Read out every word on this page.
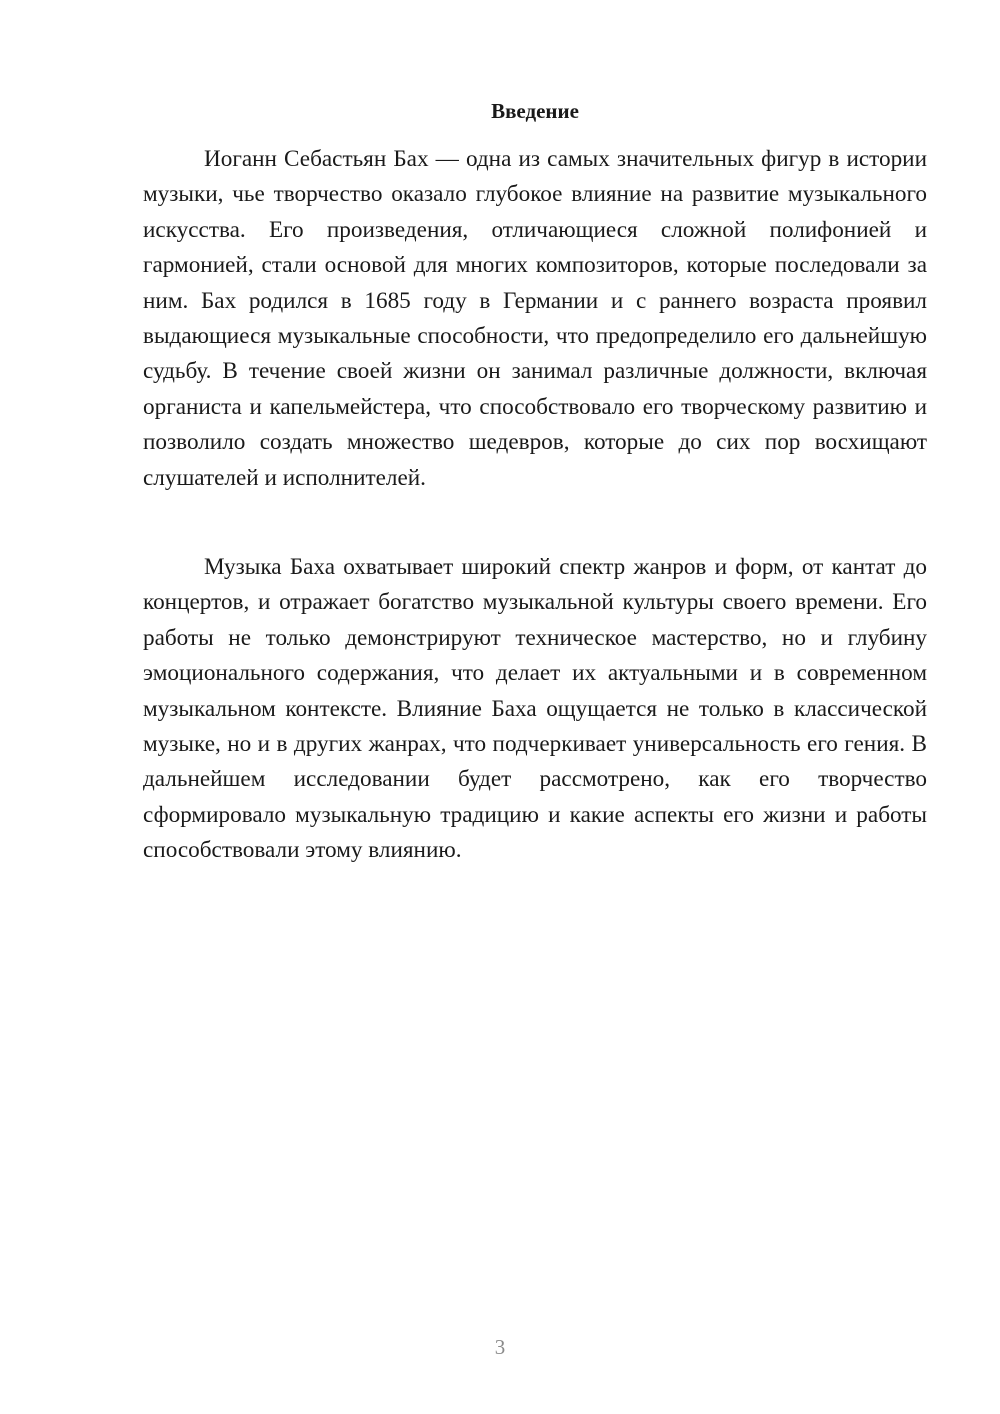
Введение

Иоганн Себастьян Бах — одна из самых значительных фигур в истории музыки, чье творчество оказало глубокое влияние на развитие музыкального искусства. Его произведения, отличающиеся сложной полифонией и гармонией, стали основой для многих композиторов, которые последовали за ним. Бах родился в 1685 году в Германии и с раннего возраста проявил выдающиеся музыкальные способности, что предопределило его дальнейшую судьбу. В течение своей жизни он занимал различные должности, включая органиста и капельмейстера, что способствовало его творческому развитию и позволило создать множество шедевров, которые до сих пор восхищают слушателей и исполнителей.

Музыка Баха охватывает широкий спектр жанров и форм, от кантат до концертов, и отражает богатство музыкальной культуры своего времени. Его работы не только демонстрируют техническое мастерство, но и глубину эмоционального содержания, что делает их актуальными и в современном музыкальном контексте. Влияние Баха ощущается не только в классической музыке, но и в других жанрах, что подчеркивает универсальность его гения. В дальнейшем исследовании будет рассмотрено, как его творчество сформировало музыкальную традицию и какие аспекты его жизни и работы способствовали этому влиянию.

3
